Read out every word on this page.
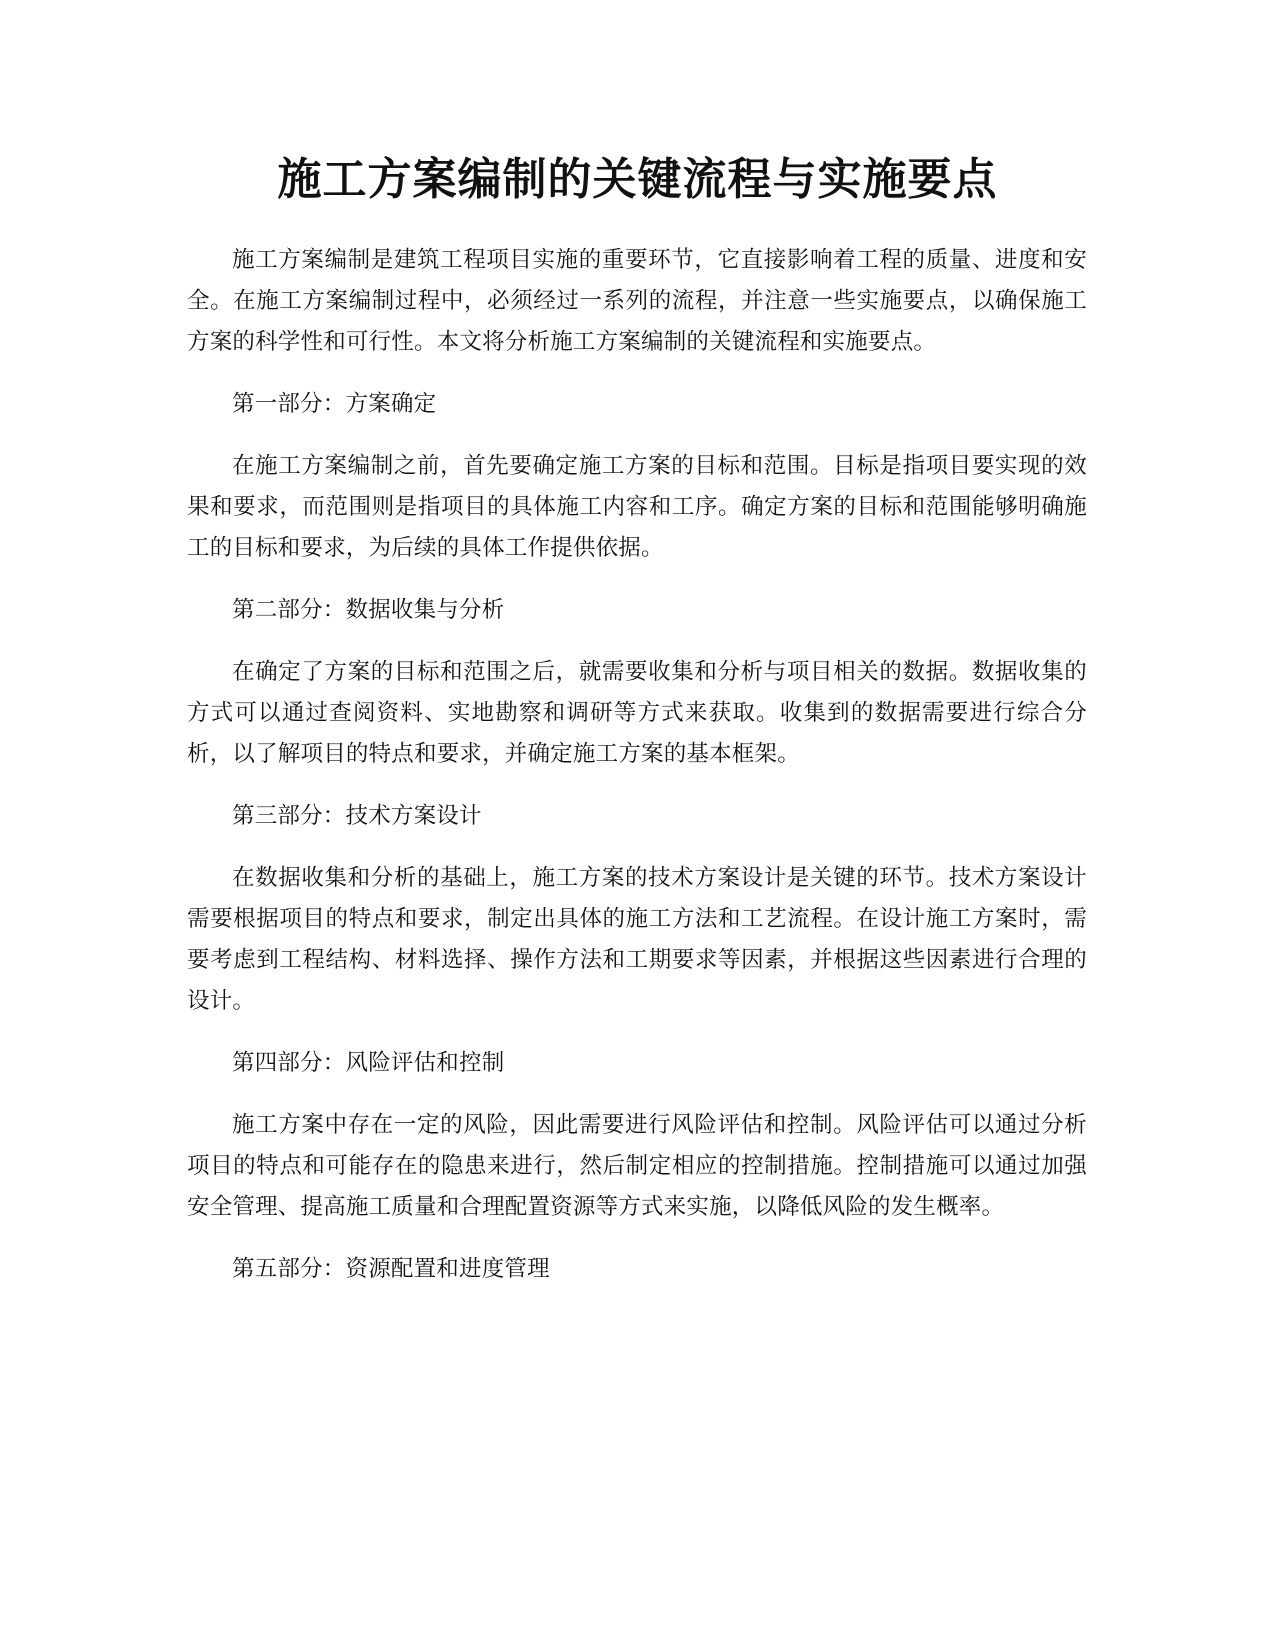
施工方案编制的关键流程与实施要点

施工方案编制是建筑工程项目实施的重要环节，它直接影响着工程的质量、进度和安全。在施工方案编制过程中，必须经过一系列的流程，并注意一些实施要点，以确保施工方案的科学性和可行性。本文将分析施工方案编制的关键流程和实施要点。

第一部分：方案确定

在施工方案编制之前，首先要确定施工方案的目标和范围。目标是指项目要实现的效果和要求，而范围则是指项目的具体施工内容和工序。确定方案的目标和范围能够明确施工的目标和要求，为后续的具体工作提供依据。

第二部分：数据收集与分析

在确定了方案的目标和范围之后，就需要收集和分析与项目相关的数据。数据收集的方式可以通过查阅资料、实地勘察和调研等方式来获取。收集到的数据需要进行综合分析，以了解项目的特点和要求，并确定施工方案的基本框架。

第三部分：技术方案设计

在数据收集和分析的基础上，施工方案的技术方案设计是关键的环节。技术方案设计需要根据项目的特点和要求，制定出具体的施工方法和工艺流程。在设计施工方案时，需要考虑到工程结构、材料选择、操作方法和工期要求等因素，并根据这些因素进行合理的设计。

第四部分：风险评估和控制

施工方案中存在一定的风险，因此需要进行风险评估和控制。风险评估可以通过分析项目的特点和可能存在的隐患来进行，然后制定相应的控制措施。控制措施可以通过加强安全管理、提高施工质量和合理配置资源等方式来实施，以降低风险的发生概率。

第五部分：资源配置和进度管理
